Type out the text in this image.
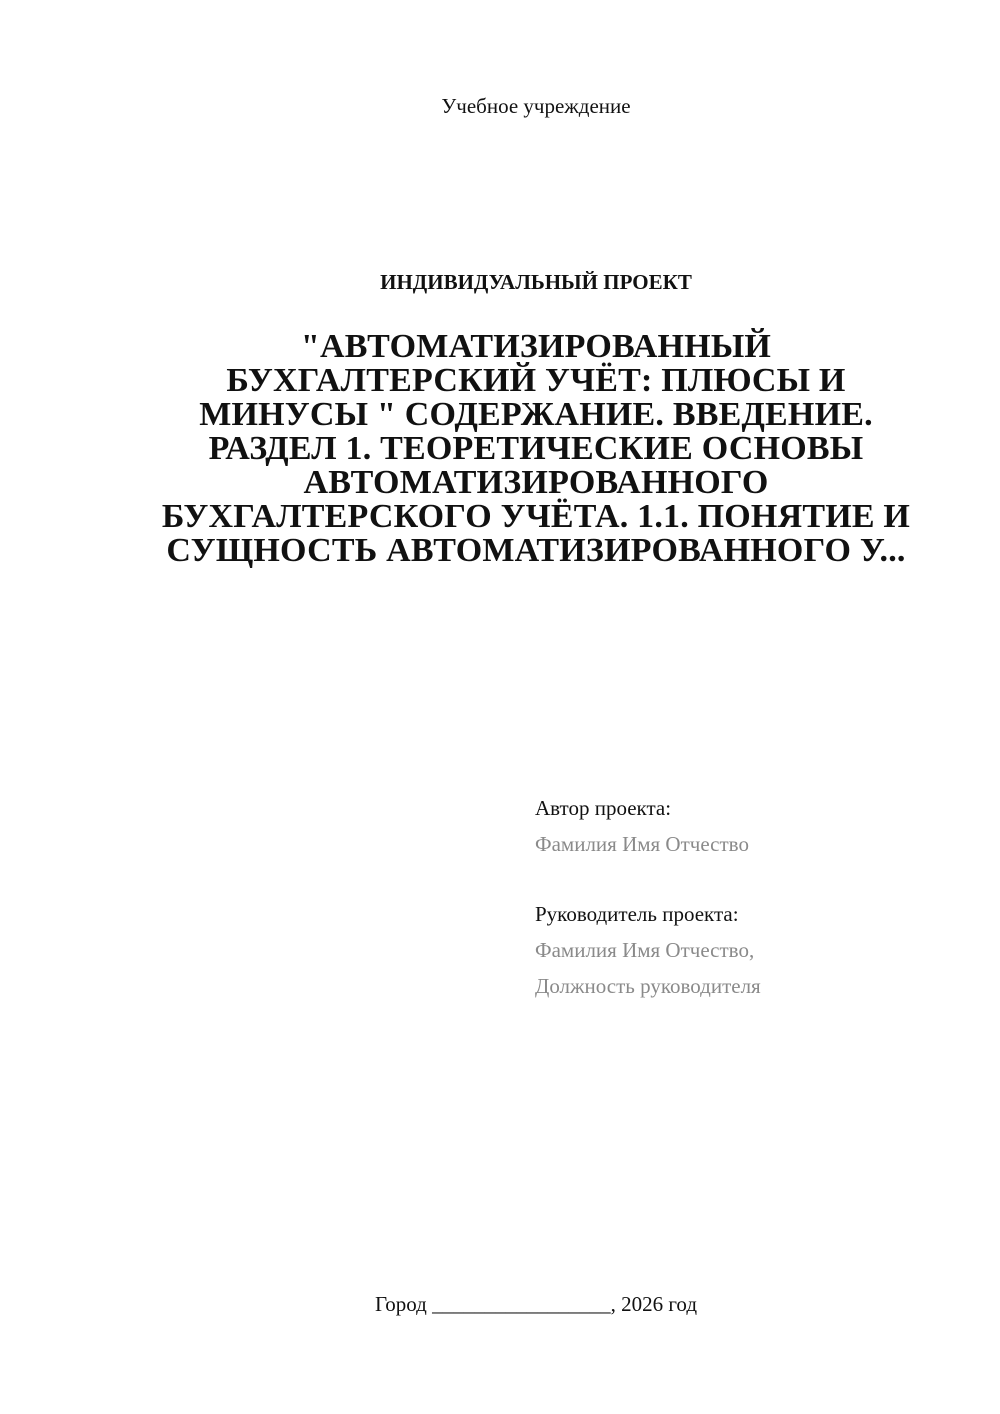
Учебное учреждение
ИНДИВИДУАЛЬНЫЙ ПРОЕКТ
"АВТОМАТИЗИРОВАННЫЙ БУХГАЛТЕРСКИЙ УЧЁТ: ПЛЮСЫ И МИНУСЫ " СОДЕРЖАНИЕ. ВВЕДЕНИЕ. РАЗДЕЛ 1. ТЕОРЕТИЧЕСКИЕ ОСНОВЫ АВТОМАТИЗИРОВАННОГО БУХГАЛТЕРСКОГО УЧЁТА. 1.1. ПОНЯТИЕ И СУЩНОСТЬ АВТОМАТИЗИРОВАННОГО У...
Автор проекта:
Фамилия Имя Отчество
Руководитель проекта:
Фамилия Имя Отчество,
Должность руководителя
Город _________________, 2026 год
